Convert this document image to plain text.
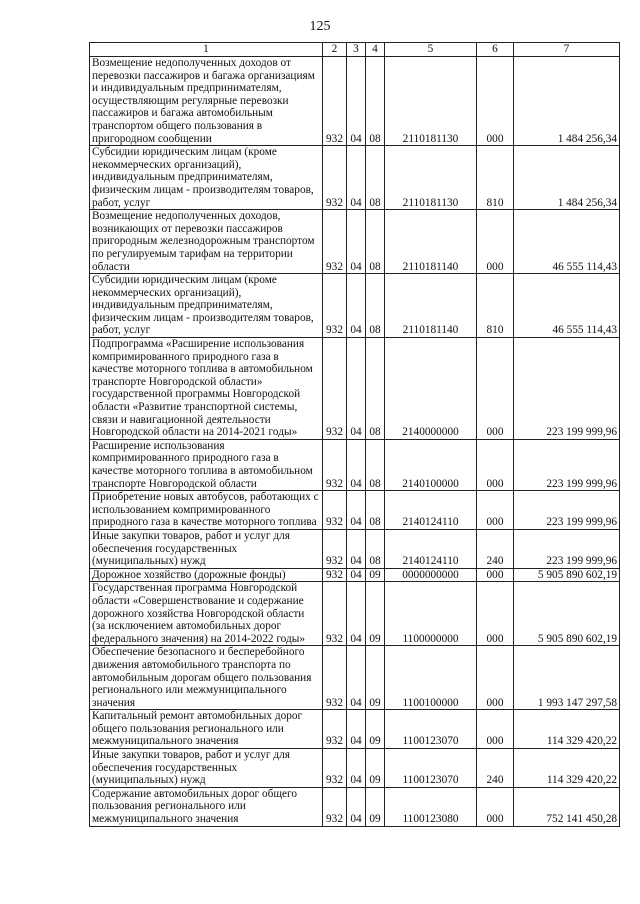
125
1	2	3	4	5	6	7
Возмещение недополученных доходов от перевозки пассажиров и багажа организациям и индивидуальным предпринимателям, осуществляющим регулярные перевозки пассажиров и багажа автомобильным транспортом общего пользования в пригородном сообщении	932	04	08	2110181130	000	1 484 256,34
Субсидии юридическим лицам (кроме некоммерческих организаций), индивидуальным предпринимателям, физическим лицам - производителям товаров, работ, услуг	932	04	08	2110181130	810	1 484 256,34
Возмещение недополученных доходов, возникающих от перевозки пассажиров пригородным железнодорожным транспортом по регулируемым тарифам на территории области	932	04	08	2110181140	000	46 555 114,43
Субсидии юридическим лицам (кроме некоммерческих организаций), индивидуальным предпринимателям, физическим лицам - производителям товаров, работ, услуг	932	04	08	2110181140	810	46 555 114,43
Подпрограмма «Расширение использования компримированного природного газа в качестве моторного топлива в автомобильном транспорте Новгородской области» государственной программы Новгородской области «Развитие транспортной системы, связи и навигационной деятельности Новгородской области на 2014-2021 годы»	932	04	08	2140000000	000	223 199 999,96
Расширение использования компримированного природного газа в качестве моторного топлива в автомобильном транспорте Новгородской области	932	04	08	2140100000	000	223 199 999,96
Приобретение новых автобусов, работающих с использованием компримированного природного газа в качестве моторного топлива	932	04	08	2140124110	000	223 199 999,96
Иные закупки товаров, работ и услуг для обеспечения государственных (муниципальных) нужд	932	04	08	2140124110	240	223 199 999,96
Дорожное хозяйство (дорожные фонды)	932	04	09	0000000000	000	5 905 890 602,19
Государственная программа Новгородской области «Совершенствование и содержание дорожного хозяйства Новгородской области (за исключением автомобильных дорог федерального значения) на 2014-2022 годы»	932	04	09	1100000000	000	5 905 890 602,19
Обеспечение безопасного и бесперебойного движения автомобильного транспорта по автомобильным дорогам общего пользования регионального или межмуниципального значения	932	04	09	1100100000	000	1 993 147 297,58
Капитальный ремонт автомобильных дорог общего пользования регионального или межмуниципального значения	932	04	09	1100123070	000	114 329 420,22
Иные закупки товаров, работ и услуг для обеспечения государственных (муниципальных) нужд	932	04	09	1100123070	240	114 329 420,22
Содержание автомобильных дорог общего пользования регионального или межмуниципального значения	932	04	09	1100123080	000	752 141 450,28
